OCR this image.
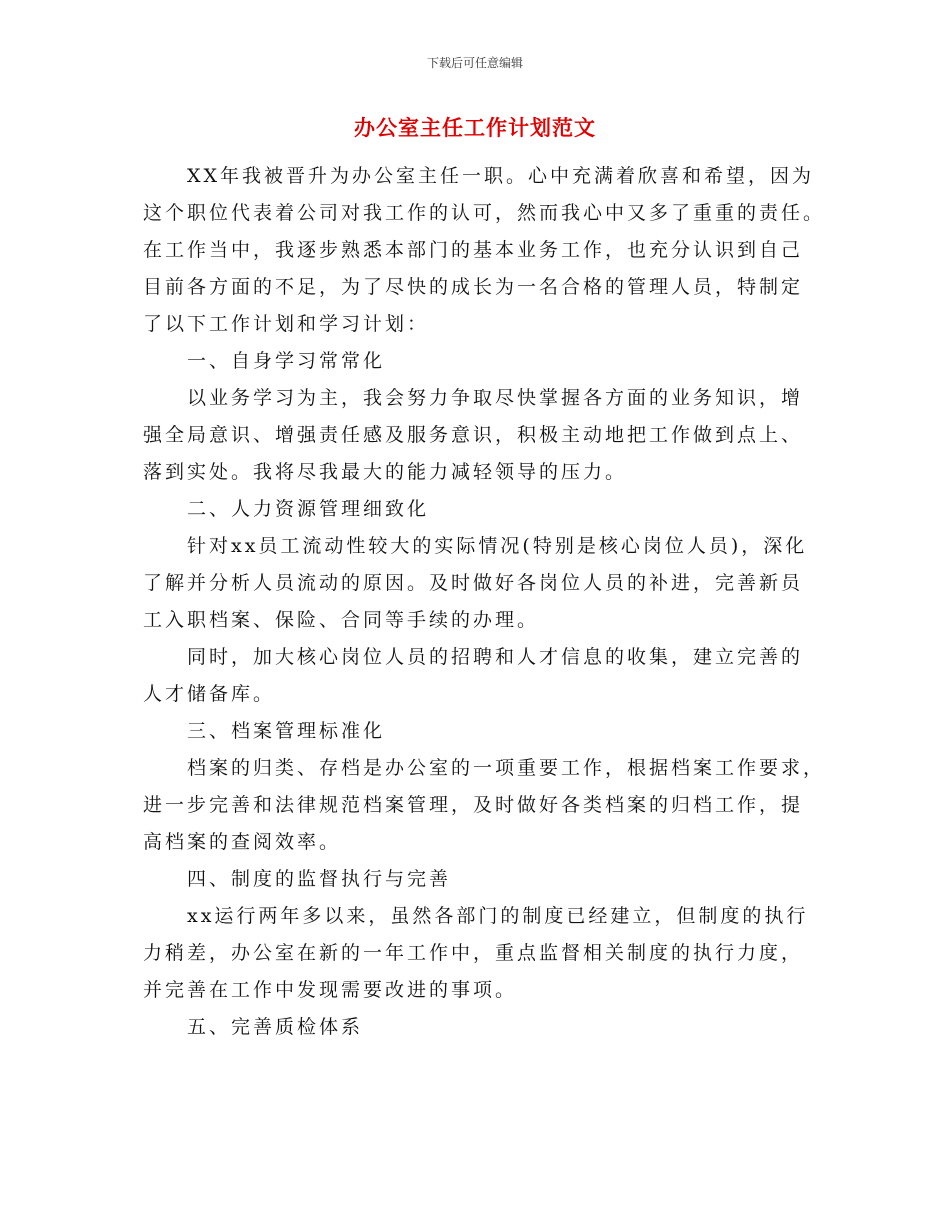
下载后可任意编辑
办公室主任工作计划范文
XX年我被晋升为办公室主任一职。心中充满着欣喜和希望，因为
这个职位代表着公司对我工作的认可，然而我心中又多了重重的责任。
在工作当中，我逐步熟悉本部门的基本业务工作，也充分认识到自己
目前各方面的不足，为了尽快的成长为一名合格的管理人员，特制定
了以下工作计划和学习计划：
一、自身学习常常化
以业务学习为主，我会努力争取尽快掌握各方面的业务知识，增
强全局意识、增强责任感及服务意识，积极主动地把工作做到点上、
落到实处。我将尽我最大的能力减轻领导的压力。
二、人力资源管理细致化
针对xx员工流动性较大的实际情况(特别是核心岗位人员)，深化
了解并分析人员流动的原因。及时做好各岗位人员的补进，完善新员
工入职档案、保险、合同等手续的办理。
同时，加大核心岗位人员的招聘和人才信息的收集，建立完善的
人才储备库。
三、档案管理标准化
档案的归类、存档是办公室的一项重要工作，根据档案工作要求，
进一步完善和法律规范档案管理，及时做好各类档案的归档工作，提
高档案的查阅效率。
四、制度的监督执行与完善
xx运行两年多以来，虽然各部门的制度已经建立，但制度的执行
力稍差，办公室在新的一年工作中，重点监督相关制度的执行力度，
并完善在工作中发现需要改进的事项。
五、完善质检体系
